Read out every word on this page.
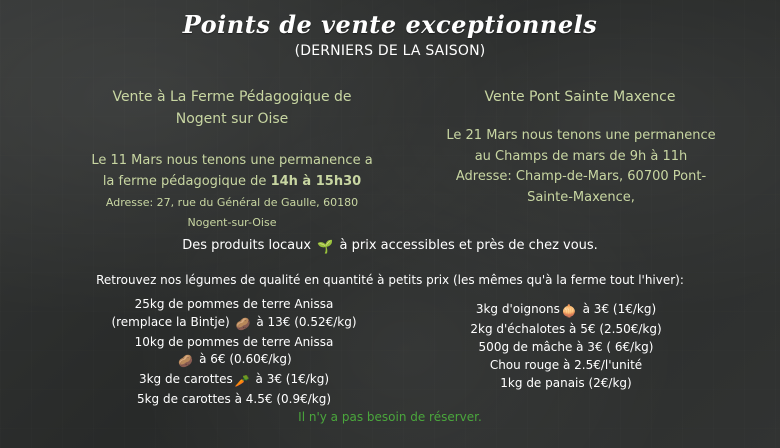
Points de vente exceptionnels
(DERNIERS DE LA SAISON)
Vente à La Ferme Pédagogique de
Nogent sur Oise
Vente Pont Sainte Maxence
Le 11 Mars nous tenons une permanence a
la ferme pédagogique de 14h à 15h30
Adresse: 27, rue du Général de Gaulle, 60180
Nogent-sur-Oise
Le 21 Mars nous tenons une permanence
au Champs de mars de 9h à 11h
Adresse: Champ-de-Mars, 60700 Pont-
Sainte-Maxence,
Des produits locaux 🌱 à prix accessibles et près de chez vous.
Retrouvez nos légumes de qualité en quantité à petits prix (les mêmes qu'à la ferme tout l'hiver):
25kg de pommes de terre Anissa
(remplace la Bintje) 🥔 à 13€ (0.52€/kg)
10kg de pommes de terre Anissa
🥔 à 6€ (0.60€/kg)
3kg de carottes 🥕 à 3€ (1€/kg)
5kg de carottes à 4.5€ (0.9€/kg)
3kg d'oignons 🧅 à 3€ (1€/kg)
2kg d'échalotes à 5€ (2.50€/kg)
500g de mâche à 3€ ( 6€/kg)
Chou rouge à 2.5€/l'unité
1kg de panais (2€/kg)
Il n'y a pas besoin de réserver.
